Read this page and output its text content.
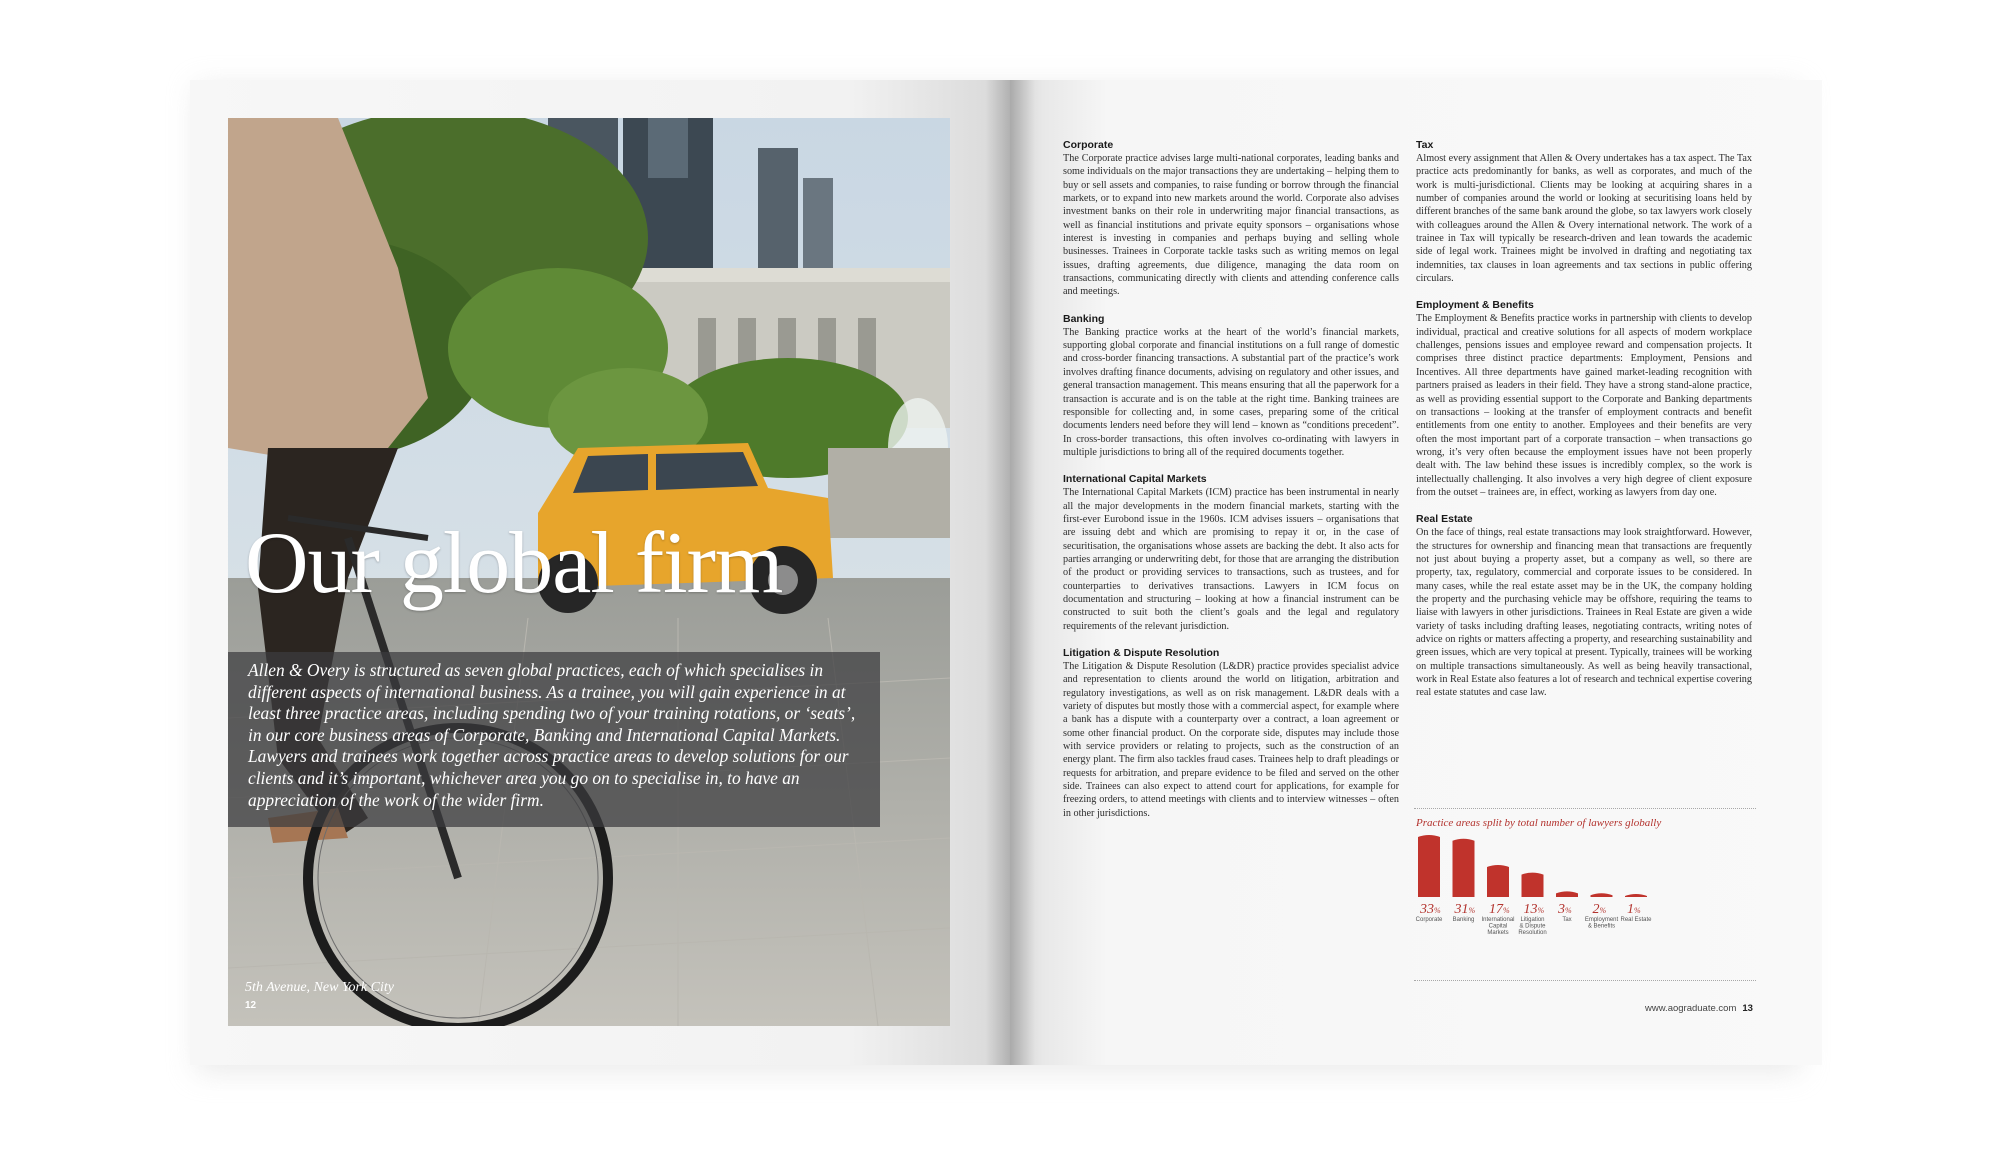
Our global firm
Allen & Overy is structured as seven global practices, each of which specialises in different aspects of international business. As a trainee, you will gain experience in at least three practice areas, including spending two of your training rotations, or ‘seats’, in our core business areas of Corporate, Banking and International Capital Markets. Lawyers and trainees work together across practice areas to develop solutions for our clients and it’s important, whichever area you go on to specialise in, to have an appreciation of the work of the wider firm.
5th Avenue, New York City
12
Corporate

The Corporate practice advises large multi-national corporates, leading banks and some individuals on the major transactions they are undertaking – helping them to buy or sell assets and companies, to raise funding or borrow through the financial markets, or to expand into new markets around the world. Corporate also advises investment banks on their role in underwriting major financial transactions, as well as financial institutions and private equity sponsors – organisations whose interest is investing in companies and perhaps buying and selling whole businesses. Trainees in Corporate tackle tasks such as writing memos on legal issues, drafting agreements, due diligence, managing the data room on transactions, communicating directly with clients and attending conference calls and meetings.

Banking

The Banking practice works at the heart of the world’s financial markets, supporting global corporate and financial institutions on a full range of domestic and cross-border financing transactions. A substantial part of the practice’s work involves drafting finance documents, advising on regulatory and other issues, and general transaction management. This means ensuring that all the paperwork for a transaction is accurate and is on the table at the right time. Banking trainees are responsible for collecting and, in some cases, preparing some of the critical documents lenders need before they will lend – known as “conditions precedent”. In cross-border transactions, this often involves co-ordinating with lawyers in multiple jurisdictions to bring all of the required documents together.

International Capital Markets

The International Capital Markets (ICM) practice has been instrumental in nearly all the major developments in the modern financial markets, starting with the first-ever Eurobond issue in the 1960s. ICM advises issuers – organisations that are issuing debt and which are promising to repay it or, in the case of securitisation, the organisations whose assets are backing the debt. It also acts for parties arranging or underwriting debt, for those that are arranging the distribution of the product or providing services to transactions, such as trustees, and for counterparties to derivatives transactions. Lawyers in ICM focus on documentation and structuring – looking at how a financial instrument can be constructed to suit both the client’s goals and the legal and regulatory requirements of the relevant jurisdiction.

Litigation & Dispute Resolution

The Litigation & Dispute Resolution (L&DR) practice provides specialist advice and representation to clients around the world on litigation, arbitration and regulatory investigations, as well as on risk management. L&DR deals with a variety of disputes but mostly those with a commercial aspect, for example where a bank has a dispute with a counterparty over a contract, a loan agreement or some other financial product. On the corporate side, disputes may include those with service providers or relating to projects, such as the construction of an energy plant. The firm also tackles fraud cases. Trainees help to draft pleadings or requests for arbitration, and prepare evidence to be filed and served on the other side. Trainees can also expect to attend court for applications, for example for freezing orders, to attend meetings with clients and to interview witnesses – often in other jurisdictions.

Tax

Almost every assignment that Allen & Overy undertakes has a tax aspect. The Tax practice acts predominantly for banks, as well as corporates, and much of the work is multi-jurisdictional. Clients may be looking at acquiring shares in a number of companies around the world or looking at securitising loans held by different branches of the same bank around the globe, so tax lawyers work closely with colleagues around the Allen & Overy international network. The work of a trainee in Tax will typically be research-driven and lean towards the academic side of legal work. Trainees might be involved in drafting and negotiating tax indemnities, tax clauses in loan agreements and tax sections in public offering circulars.

Employment & Benefits

The Employment & Benefits practice works in partnership with clients to develop individual, practical and creative solutions for all aspects of modern workplace challenges, pensions issues and employee reward and compensation projects. It comprises three distinct practice departments: Employment, Pensions and Incentives. All three departments have gained market-leading recognition with partners praised as leaders in their field. They have a strong stand-alone practice, as well as providing essential support to the Corporate and Banking departments on transactions – looking at the transfer of employment contracts and benefit entitlements from one entity to another. Employees and their benefits are very often the most important part of a corporate transaction – when transactions go wrong, it’s very often because the employment issues have not been properly dealt with. The law behind these issues is incredibly complex, so the work is intellectually challenging. It also involves a very high degree of client exposure from the outset – trainees are, in effect, working as lawyers from day one.

Real Estate

On the face of things, real estate transactions may look straightforward. However, the structures for ownership and financing mean that transactions are frequently not just about buying a property asset, but a company as well, so there are property, tax, regulatory, commercial and corporate issues to be considered. In many cases, while the real estate asset may be in the UK, the company holding the property and the purchasing vehicle may be offshore, requiring the teams to liaise with lawyers in other jurisdictions. Trainees in Real Estate are given a wide variety of tasks including drafting leases, negotiating contracts, writing notes of advice on rights or matters affecting a property, and researching sustainability and green issues, which are very topical at present. Typically, trainees will be working on multiple transactions simultaneously. As well as being heavily transactional, work in Real Estate also features a lot of research and technical expertise covering real estate statutes and case law.

Practice areas split by total number of lawyers globally
33%
Corporate
31%
Banking
17%
International
Capital
Markets
13%
Litigation
& Dispute
Resolution
3%
Tax
2%
Employment
& Benefits
1%
Real Estate
www.aograduate.com 13
